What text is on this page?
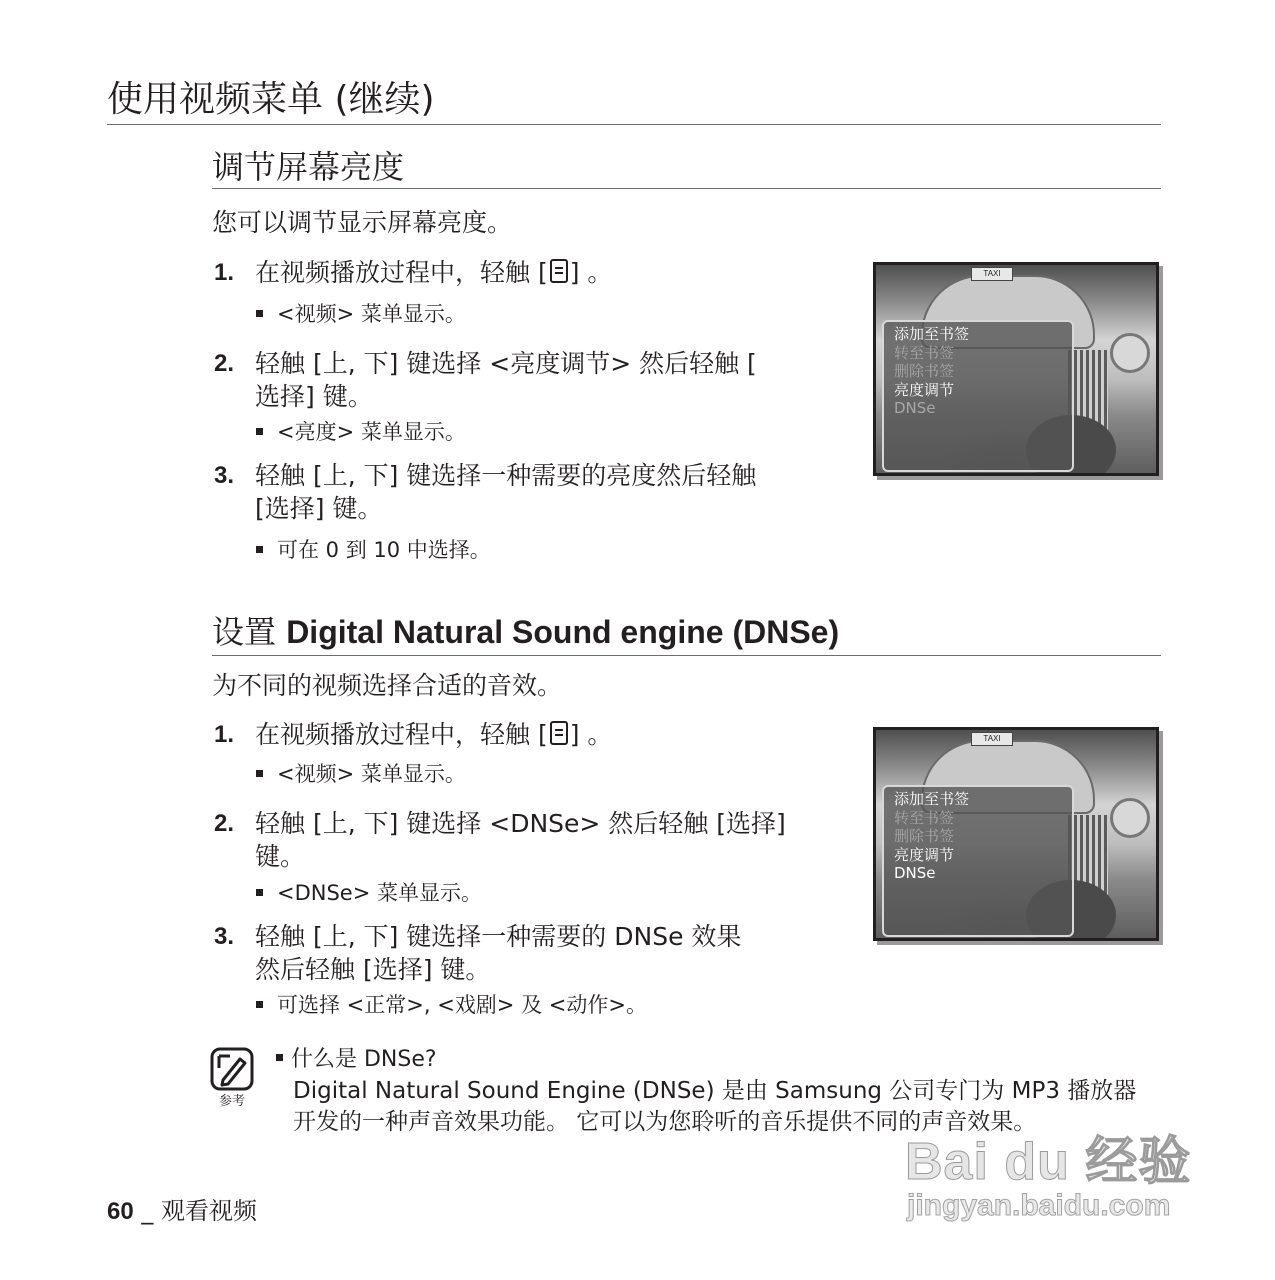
使用视频菜单 (继续)
调节屏幕亮度
您可以调节显示屏幕亮度。
1. 在视频播放过程中，轻触 [ ] 。
<视频> 菜单显示。
2. 轻触 [上, 下] 键选择 <亮度调节> 然后轻触 [
选择] 键。
<亮度> 菜单显示。
3. 轻触 [上, 下] 键选择一种需要的亮度然后轻触
[选择] 键。
可在 0 到 10 中选择。
TAXI
添加至书签
转至书签
删除书签
亮度调节
DNSe
设置 Digital Natural Sound engine (DNSe)
为不同的视频选择合适的音效。
1. 在视频播放过程中，轻触 [ ] 。
<视频> 菜单显示。
2. 轻触 [上, 下] 键选择 <DNSe> 然后轻触 [选择]
键。
<DNSe> 菜单显示。
3. 轻触 [上, 下] 键选择一种需要的 DNSe 效果
然后轻触 [选择] 键。
可选择 <正常>, <戏剧> 及 <动作>。
TAXI
添加至书签
转至书签
删除书签
亮度调节
DNSe
参考
什么是 DNSe?
Digital Natural Sound Engine (DNSe) 是由 Samsung 公司专门为 MP3 播放器
开发的一种声音效果功能。 它可以为您聆听的音乐提供不同的声音效果。
60 _ 观看视频
Bai du 经验
jingyan.baidu.com
